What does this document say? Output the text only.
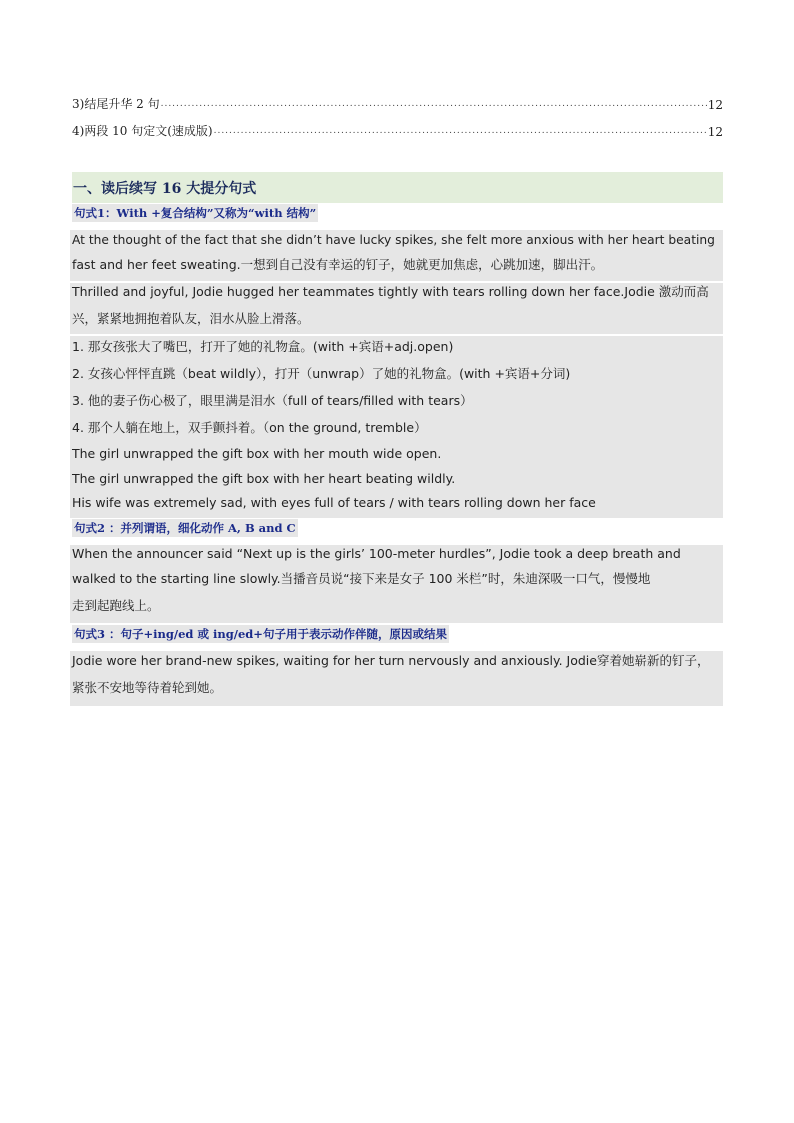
3)结尾升华 2 句 .....	12
4)两段 10 句定文(速成版) .....	12
一、读后续写 16 大提分句式
句式1：With +复合结构”又称为“with 结构”
At the thought of the fact that she didn’t have lucky spikes, she felt more anxious with her heart beating
fast and her feet sweating.一想到自己没有幸运的钉子，她就更加焦虑，心跳加速，脚出汗。
Thrilled and joyful, Jodie hugged her teammates tightly with tears rolling down her face.Jodie 激动而高
兴，紧紧地拥抱着队友，泪水从脸上滑落。
1. 那女孩张大了嘴巴，打开了她的礼物盒。(with +宾语+adj.open)
2. 女孩心怦怦直跳（beat wildly），打开（unwrap）了她的礼物盒。(with +宾语+分词)
3. 他的妻子伤心极了，眼里满是泪水（full of tears/filled with tears）
4. 那个人躺在地上，双手颤抖着。（on the ground, tremble）
The girl unwrapped the gift box with her mouth wide open.
The girl unwrapped the gift box with her heart beating wildly.
His wife was extremely sad, with eyes full of tears / with tears rolling down her face
句式2 ：并列谓语，细化动作 A, B and C
When the announcer said “Next up is the girls’ 100-meter hurdles”, Jodie took a deep breath and
walked to the starting line slowly.当播音员说“接下来是女子 100 米栏”时，朱迪深吸一口气，慢慢地
走到起跑线上。
句式3 ：句子+ing/ed 或 ing/ed+句子用于表示动作伴随，原因或结果
Jodie wore her brand-new spikes, waiting for her turn nervously and anxiously. Jodie穿着她崭新的钉子，
紧张不安地等待着轮到她。
